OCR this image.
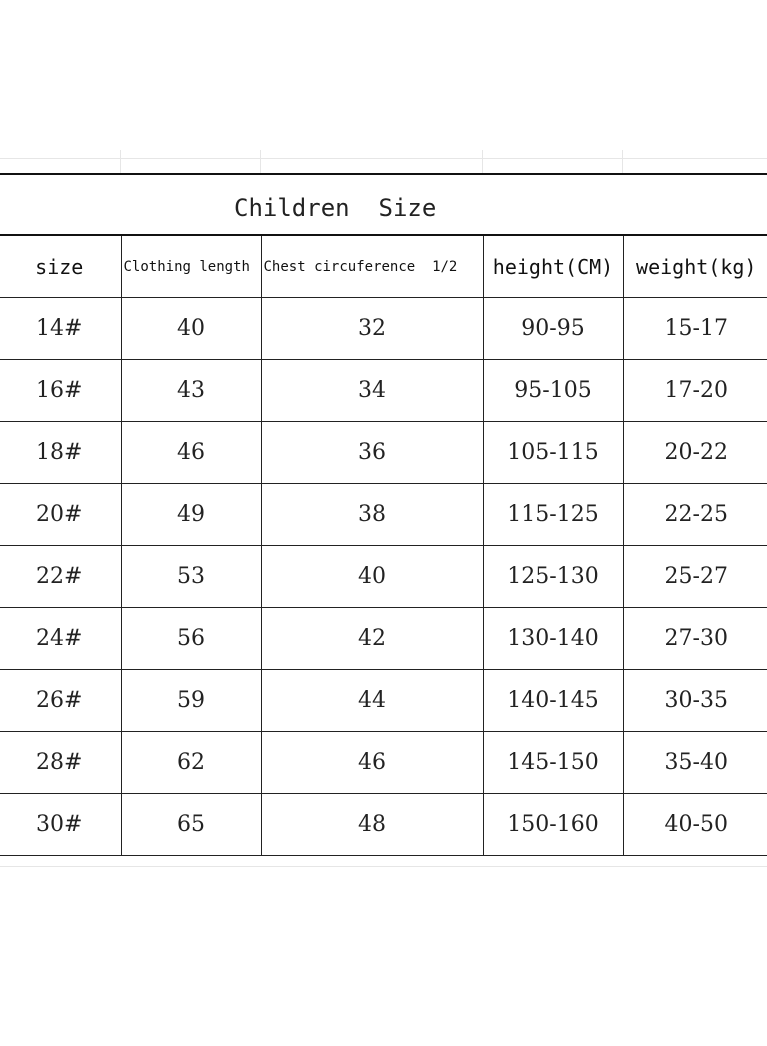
Children  Size				
size	Clothing length	Chest circuference  1/2	height(CM)	weight(kg)
14#	40	32	90-95	15-17
16#	43	34	95-105	17-20
18#	46	36	105-115	20-22
20#	49	38	115-125	22-25
22#	53	40	125-130	25-27
24#	56	42	130-140	27-30
26#	59	44	140-145	30-35
28#	62	46	145-150	35-40
30#	65	48	150-160	40-50
